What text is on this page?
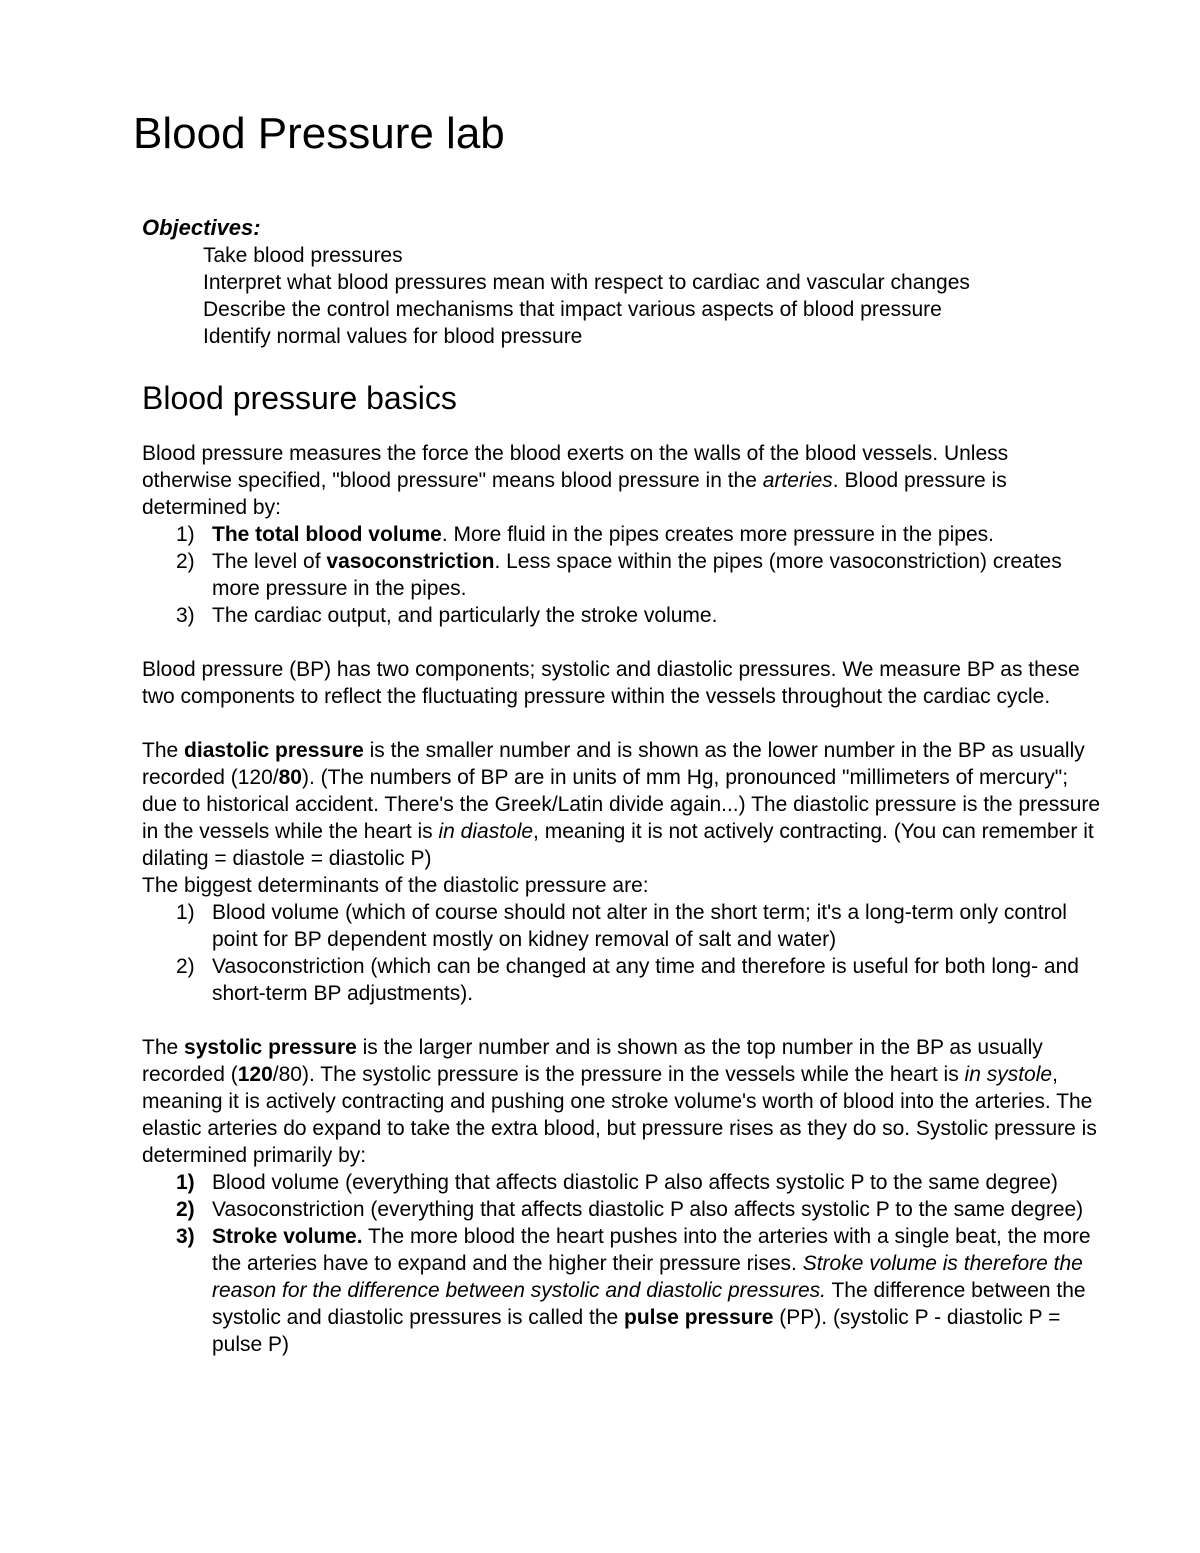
Blood Pressure lab
Objectives:
Take blood pressures
Interpret what blood pressures mean with respect to cardiac and vascular changes
Describe the control mechanisms that impact various aspects of blood pressure
Identify normal values for blood pressure
Blood pressure basics

Blood pressure measures the force the blood exerts on the walls of the blood vessels. Unless otherwise specified, "blood pressure" means blood pressure in the arteries. Blood pressure is determined by:

1) The total blood volume. More fluid in the pipes creates more pressure in the pipes.
2) The level of vasoconstriction. Less space within the pipes (more vasoconstriction) creates more pressure in the pipes.
3) The cardiac output, and particularly the stroke volume.

Blood pressure (BP) has two components; systolic and diastolic pressures. We measure BP as these two components to reflect the fluctuating pressure within the vessels throughout the cardiac cycle.

The diastolic pressure is the smaller number and is shown as the lower number in the BP as usually recorded (120/80). (The numbers of BP are in units of mm Hg, pronounced "millimeters of mercury"; due to historical accident. There's the Greek/Latin divide again...) The diastolic pressure is the pressure in the vessels while the heart is in diastole, meaning it is not actively contracting. (You can remember it dilating = diastole = diastolic P)

The biggest determinants of the diastolic pressure are:

1) Blood volume (which of course should not alter in the short term; it's a long-term only control point for BP dependent mostly on kidney removal of salt and water)
2) Vasoconstriction (which can be changed at any time and therefore is useful for both long- and short-term BP adjustments).

The systolic pressure is the larger number and is shown as the top number in the BP as usually recorded (120/80). The systolic pressure is the pressure in the vessels while the heart is in systole, meaning it is actively contracting and pushing one stroke volume's worth of blood into the arteries. The elastic arteries do expand to take the extra blood, but pressure rises as they do so. Systolic pressure is determined primarily by:

1) Blood volume (everything that affects diastolic P also affects systolic P to the same degree)
2) Vasoconstriction (everything that affects diastolic P also affects systolic P to the same degree)
3) Stroke volume. The more blood the heart pushes into the arteries with a single beat, the more the arteries have to expand and the higher their pressure rises. Stroke volume is therefore the reason for the difference between systolic and diastolic pressures. The difference between the systolic and diastolic pressures is called the pulse pressure (PP). (systolic P - diastolic P = pulse P)
